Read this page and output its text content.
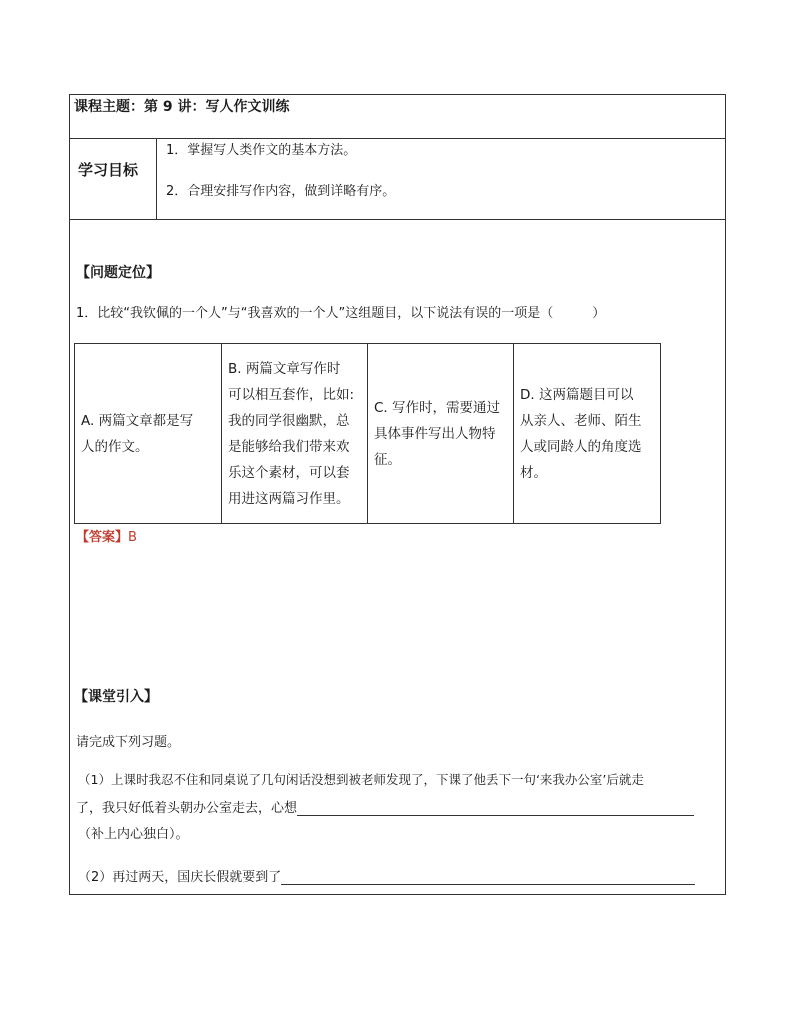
课程主题：第 9 讲：写人作文训练
学习目标
1．掌握写人类作文的基本方法。
2．合理安排写作内容，做到详略有序。
【问题定位】
1．比较“我钦佩的一个人”与“我喜欢的一个人”这组题目，以下说法有误的一项是（　　　）
A. 两篇文章都是写
人的作文。

B. 两篇文章写作时
可以相互套作，比如:
我的同学很幽默，总
是能够给我们带来欢
乐这个素材，可以套
用进这两篇习作里。

C. 写作时，需要通过
具体事件写出人物特
征。

D. 这两篇题目可以
从亲人、老师、陌生
人或同龄人的角度选
材。
【答案】B
【课堂引入】
请完成下列习题。
（1）上课时我忍不住和同桌说了几句闲话没想到被老师发现了，下课了他丢下一句‘来我办公室’后就走
了，我只好低着头朝办公室走去，心想
（补上内心独白）。
（2）再过两天，国庆长假就要到了
